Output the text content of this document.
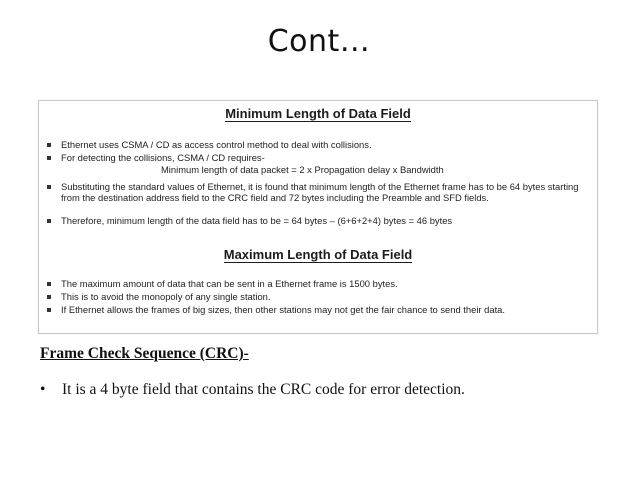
Cont…
Minimum Length of Data Field
Ethernet uses CSMA / CD as access control method to deal with collisions.
For detecting the collisions, CSMA / CD requires-
Minimum length of data packet = 2 x Propagation delay x Bandwidth
Substituting the standard values of Ethernet, it is found that minimum length of the Ethernet frame has to be 64 bytes starting from the destination address field to the CRC field and 72 bytes including the Preamble and SFD fields.
Therefore, minimum length of the data field has to be = 64 bytes – (6+6+2+4) bytes = 46 bytes
Maximum Length of Data Field
The maximum amount of data that can be sent in a Ethernet frame is 1500 bytes.
This is to avoid the monopoly of any single station.
If Ethernet allows the frames of big sizes, then other stations may not get the fair chance to send their data.
Frame Check Sequence (CRC)-
• It is a 4 byte field that contains the CRC code for error detection.
